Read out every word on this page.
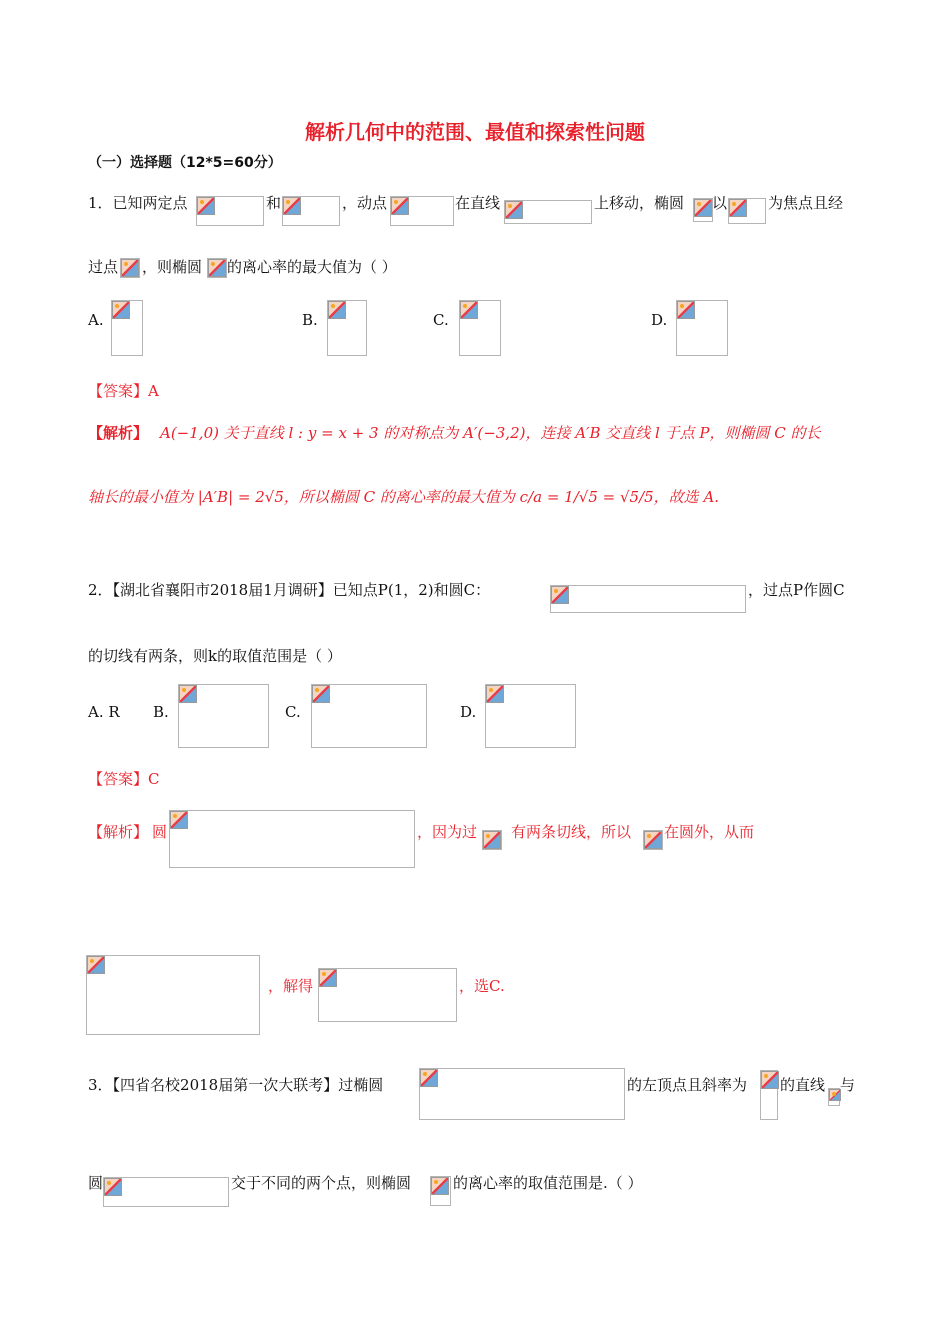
解析几何中的范围、最值和探索性问题
（一）选择题（12*5=60分）
1．已知两定点	和	，动点	在直线	上移动，椭圆 以	为焦点且经
过点 ，则椭圆 的离心率的最大值为（ ）
A.	B.	C.	D.
【答案】A
【解析】 A(−1,0) 关于直线 l : y = x + 3 的对称点为 A′(−3,2)，连接 A′B 交直线 l 于点 P，则椭圆 C 的长
轴长的最小值为 |A′B| = 2√5，所以椭圆 C 的离心率的最大值为 c/a = 1/√5 = √5/5，故选 A.
2．【湖北省襄阳市2018届1月调研】已知点P(1，2)和圆C：	，过点P作圆C
的切线有两条，则k的取值范围是（ ）
A. R B.	C.	D.
【答案】C
【解析】 圆	，因为过 有两条切线，所以 在圆外，从而
，解得	，选C.
3．【四省名校2018届第一次大联考】过椭圆	的左顶点且斜率为 的直线 与
圆	交于不同的两个点，则椭圆	的离心率的取值范围是.（ ）
